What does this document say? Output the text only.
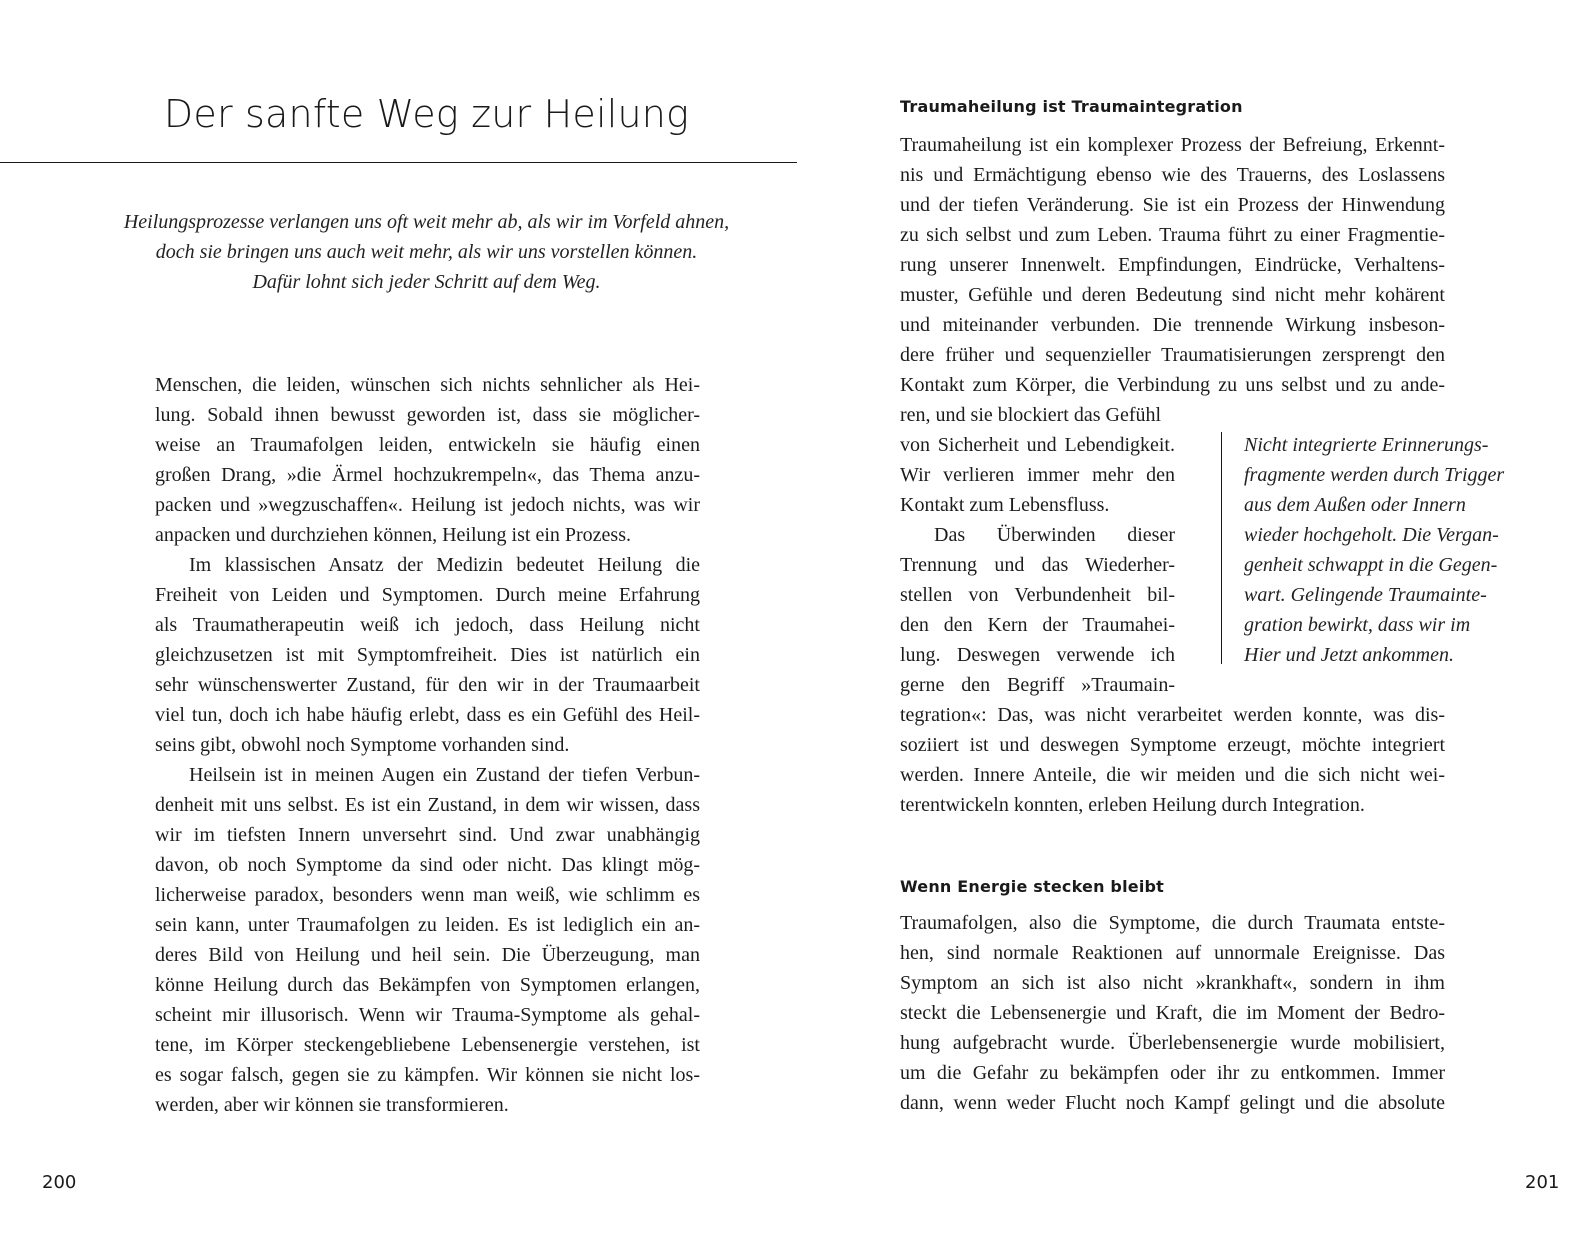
Der sanfte Weg zur Heilung
Heilungsprozesse verlangen uns oft weit mehr ab, als wir im Vorfeld ahnen,
doch sie bringen uns auch weit mehr, als wir uns vorstellen können.
Dafür lohnt sich jeder Schritt auf dem Weg.
Menschen, die leiden, wünschen sich nichts sehnlicher als Hei-
lung. Sobald ihnen bewusst geworden ist, dass sie möglicher-
weise an Traumafolgen leiden, entwickeln sie häufig einen
großen Drang, »die Ärmel hochzukrempeln«, das Thema anzu-
packen und »wegzuschaffen«. Heilung ist jedoch nichts, was wir
anpacken und durchziehen können, Heilung ist ein Prozess.
Im klassischen Ansatz der Medizin bedeutet Heilung die
Freiheit von Leiden und Symptomen. Durch meine Erfahrung
als Traumatherapeutin weiß ich jedoch, dass Heilung nicht
gleichzusetzen ist mit Symptomfreiheit. Dies ist natürlich ein
sehr wünschenswerter Zustand, für den wir in der Traumaarbeit
viel tun, doch ich habe häufig erlebt, dass es ein Gefühl des Heil-
seins gibt, obwohl noch Symptome vorhanden sind.
Heilsein ist in meinen Augen ein Zustand der tiefen Verbun-
denheit mit uns selbst. Es ist ein Zustand, in dem wir wissen, dass
wir im tiefsten Innern unversehrt sind. Und zwar unabhängig
davon, ob noch Symptome da sind oder nicht. Das klingt mög-
licherweise paradox, besonders wenn man weiß, wie schlimm es
sein kann, unter Traumafolgen zu leiden. Es ist lediglich ein an-
deres Bild von Heilung und heil sein. Die Überzeugung, man
könne Heilung durch das Bekämpfen von Symptomen erlangen,
scheint mir illusorisch. Wenn wir Trauma-Symptome als gehal-
tene, im Körper steckengebliebene Lebensenergie verstehen, ist
es sogar falsch, gegen sie zu kämpfen. Wir können sie nicht los-
werden, aber wir können sie transformieren.
200
Traumaheilung ist Traumaintegration
Traumaheilung ist ein komplexer Prozess der Befreiung, Erkennt-
nis und Ermächtigung ebenso wie des Trauerns, des Loslassens
und der tiefen Veränderung. Sie ist ein Prozess der Hinwendung
zu sich selbst und zum Leben. Trauma führt zu einer Fragmentie-
rung unserer Innenwelt. Empfindungen, Eindrücke, Verhaltens-
muster, Gefühle und deren Bedeutung sind nicht mehr kohärent
und miteinander verbunden. Die trennende Wirkung insbeson-
dere früher und sequenzieller Traumatisierungen zersprengt den
Kontakt zum Körper, die Verbindung zu uns selbst und zu ande-
ren, und sie blockiert das Gefühl
von Sicherheit und Lebendigkeit.
Wir verlieren immer mehr den
Kontakt zum Lebensfluss.
Das Überwinden dieser
Trennung und das Wiederher-
stellen von Verbundenheit bil-
den den Kern der Traumahei-
lung. Deswegen verwende ich
gerne den Begriff »Traumain-
Nicht integrierte Erinnerungs-
fragmente werden durch Trigger
aus dem Außen oder Innern
wieder hochgeholt. Die Vergan-
genheit schwappt in die Gegen-
wart. Gelingende Traumainte-
gration bewirkt, dass wir im
Hier und Jetzt ankommen.
tegration«: Das, was nicht verarbeitet werden konnte, was dis-
soziiert ist und deswegen Symptome erzeugt, möchte integriert
werden. Innere Anteile, die wir meiden und die sich nicht wei-
terentwickeln konnten, erleben Heilung durch Integration.
Wenn Energie stecken bleibt
Traumafolgen, also die Symptome, die durch Traumata entste-
hen, sind normale Reaktionen auf unnormale Ereignisse. Das
Symptom an sich ist also nicht »krankhaft«, sondern in ihm
steckt die Lebensenergie und Kraft, die im Moment der Bedro-
hung aufgebracht wurde. Überlebensenergie wurde mobilisiert,
um die Gefahr zu bekämpfen oder ihr zu entkommen. Immer
dann, wenn weder Flucht noch Kampf gelingt und die absolute
201
